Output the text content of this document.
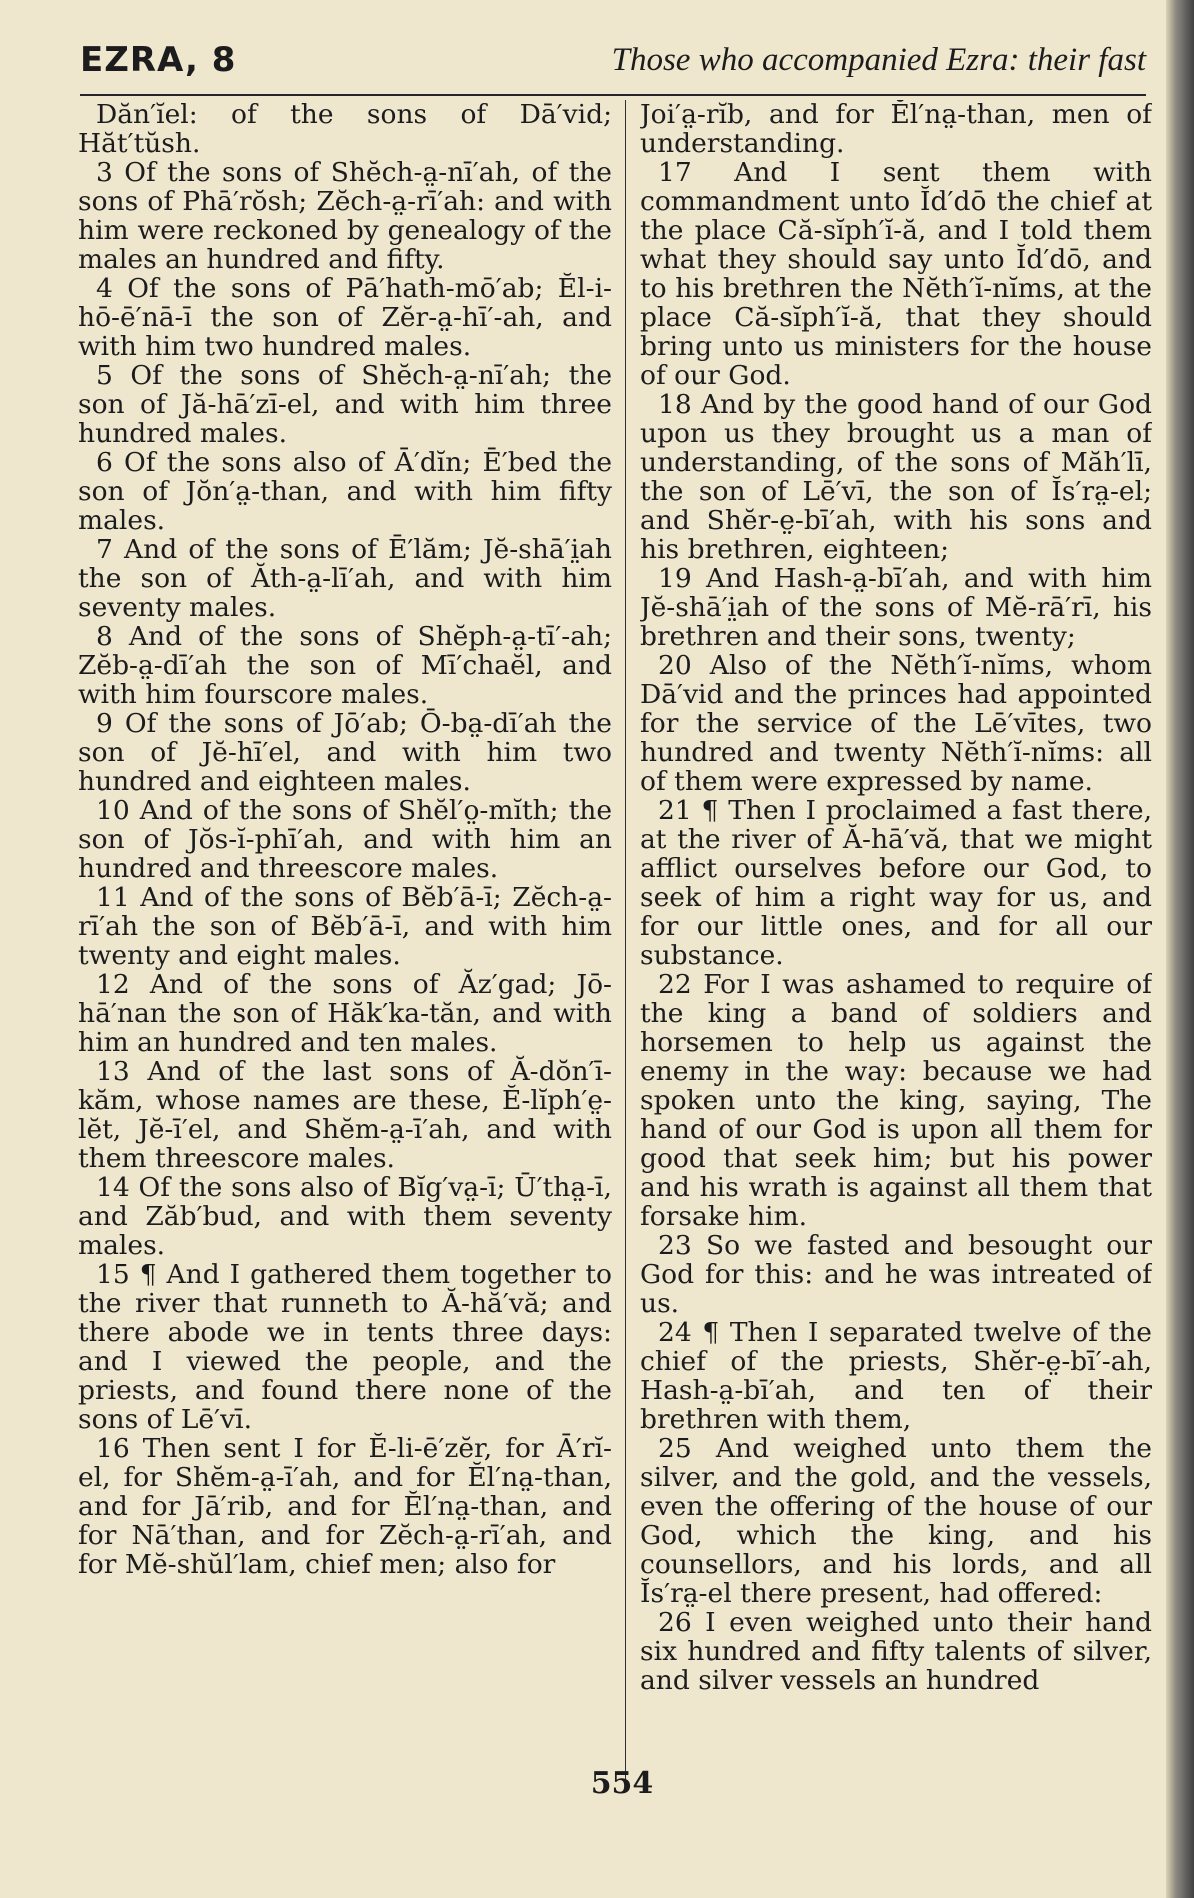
EZRA, 8	Those who accompanied Ezra: their fast

Dăn′ĭel: of the sons of Dā′vid; Hăt′tŭsh.

3 Of the sons of Shĕch-a̤-nī′ah, of the sons of Phā′rŏsh; Zĕch-a̤-rī′ah: and with him were reckoned by genealogy of the males an hundred and fifty.

4 Of the sons of Pā′hath-mō′ab; Ĕl-i-hō-ē′nā-ī the son of Zĕr-a̤-hī′-ah, and with him two hundred males.

5 Of the sons of Shĕch-a̤-nī′ah; the son of Jă-hā′zī-el, and with him three hundred males.

6 Of the sons also of Ā′dĭn; Ē′bed the son of Jŏn′a̤-than, and with him fifty males.

7 And of the sons of Ē′lăm; Jĕ-shā′i̤ah the son of Ăth-a̤-lī′ah, and with him seventy males.

8 And of the sons of Shĕph-a̤-tī′-ah; Zĕb-a̤-dī′ah the son of Mī′chaĕl, and with him fourscore males.

9 Of the sons of Jō′ab; Ō-ba̤-dī′ah the son of Jĕ-hī′el, and with him two hundred and eighteen males.

10 And of the sons of Shĕl′o̤-mĭth; the son of Jŏs-ĭ-phī′ah, and with him an hundred and threescore males.

11 And of the sons of Bĕb′ā-ī; Zĕch-a̤-rī′ah the son of Bĕb′ā-ī, and with him twenty and eight males.

12 And of the sons of Ăz′gad; Jō-hā′nan the son of Hăk′ka-tăn, and with him an hundred and ten males.

13 And of the last sons of Ă-dŏn′ī-kăm, whose names are these, Ĕ-lĭph′e̤-lĕt, Jĕ-ī′el, and Shĕm-a̤-ī′ah, and with them threescore males.

14 Of the sons also of Bĭg′va̤-ī; Ū′tha̤-ī, and Zăb′bud, and with them seventy males.

15 ¶ And I gathered them together to the river that runneth to Ă-hă′vă; and there abode we in tents three days: and I viewed the people, and the priests, and found there none of the sons of Lē′vī.

16 Then sent I for Ĕ-li-ē′zĕr, for Ā′rĭ-el, for Shĕm-a̤-ī′ah, and for Ĕl′na̤-than, and for Jā′rib, and for Ĕl′na̤-than, and for Nā′than, and for Zĕch-a̤-rī′ah, and for Mĕ-shŭl′lam, chief men; also for

Joi′a̤-rĭb, and for Ĕl′na̤-than, men of understanding.

17 And I sent them with commandment unto Ĭd′dō the chief at the place Că-sĭph′ĭ-ă, and I told them what they should say unto Ĭd′dō, and to his brethren the Nĕth′ĭ-nĭms, at the place Că-sĭph′ĭ-ă, that they should bring unto us ministers for the house of our God.

18 And by the good hand of our God upon us they brought us a man of understanding, of the sons of Măh′lī, the son of Lē′vī, the son of Ĭs′ra̤-el; and Shĕr-e̤-bī′ah, with his sons and his brethren, eighteen;

19 And Hash-a̤-bī′ah, and with him Jĕ-shā′i̤ah of the sons of Mĕ-rā′rī, his brethren and their sons, twenty;

20 Also of the Nĕth′ĭ-nĭms, whom Dā′vid and the princes had appointed for the service of the Lē′vītes, two hundred and twenty Nĕth′ĭ-nĭms: all of them were expressed by name.

21 ¶ Then I proclaimed a fast there, at the river of Ă-hā′vă, that we might afflict ourselves before our God, to seek of him a right way for us, and for our little ones, and for all our substance.

22 For I was ashamed to require of the king a band of soldiers and horsemen to help us against the enemy in the way: because we had spoken unto the king, saying, The hand of our God is upon all them for good that seek him; but his power and his wrath is against all them that forsake him.

23 So we fasted and besought our God for this: and he was intreated of us.

24 ¶ Then I separated twelve of the chief of the priests, Shĕr-e̤-bī′-ah, Hash-a̤-bī′ah, and ten of their brethren with them,

25 And weighed unto them the silver, and the gold, and the vessels, even the offering of the house of our God, which the king, and his counsellors, and his lords, and all Ĭs′ra̤-el there present, had offered:

26 I even weighed unto their hand six hundred and fifty talents of silver, and silver vessels an hundred

554
